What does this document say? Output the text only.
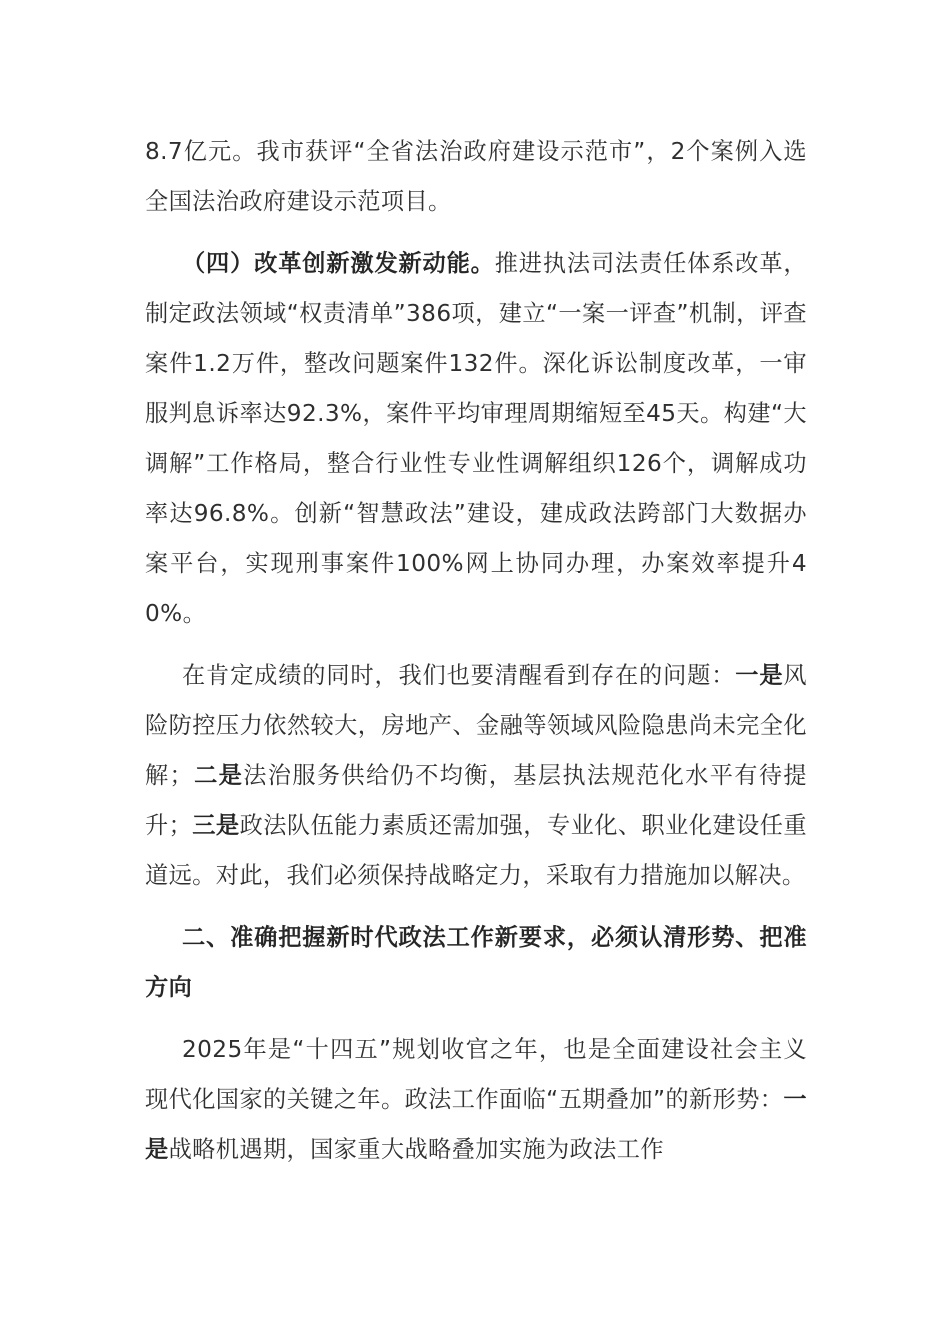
8.7亿元。我市获评“全省法治政府建设示范市”，2个案例入选全国法治政府建设示范项目。

（四）改革创新激发新动能。推进执法司法责任体系改革，制定政法领域“权责清单”386项，建立“一案一评查”机制，评查案件1.2万件，整改问题案件132件。深化诉讼制度改革，一审服判息诉率达92.3%，案件平均审理周期缩短至45天。构建“大调解”工作格局，整合行业性专业性调解组织126个，调解成功率达96.8%。创新“智慧政法”建设，建成政法跨部门大数据办案平台，实现刑事案件100%网上协同办理，办案效率提升40%。

在肯定成绩的同时，我们也要清醒看到存在的问题：一是风险防控压力依然较大，房地产、金融等领域风险隐患尚未完全化解；二是法治服务供给仍不均衡，基层执法规范化水平有待提升；三是政法队伍能力素质还需加强，专业化、职业化建设任重道远。对此，我们必须保持战略定力，采取有力措施加以解决。

二、准确把握新时代政法工作新要求，必须认清形势、把准方向

2025年是“十四五”规划收官之年，也是全面建设社会主义现代化国家的关键之年。政法工作面临“五期叠加”的新形势：一是战略机遇期，国家重大战略叠加实施为政法工作
